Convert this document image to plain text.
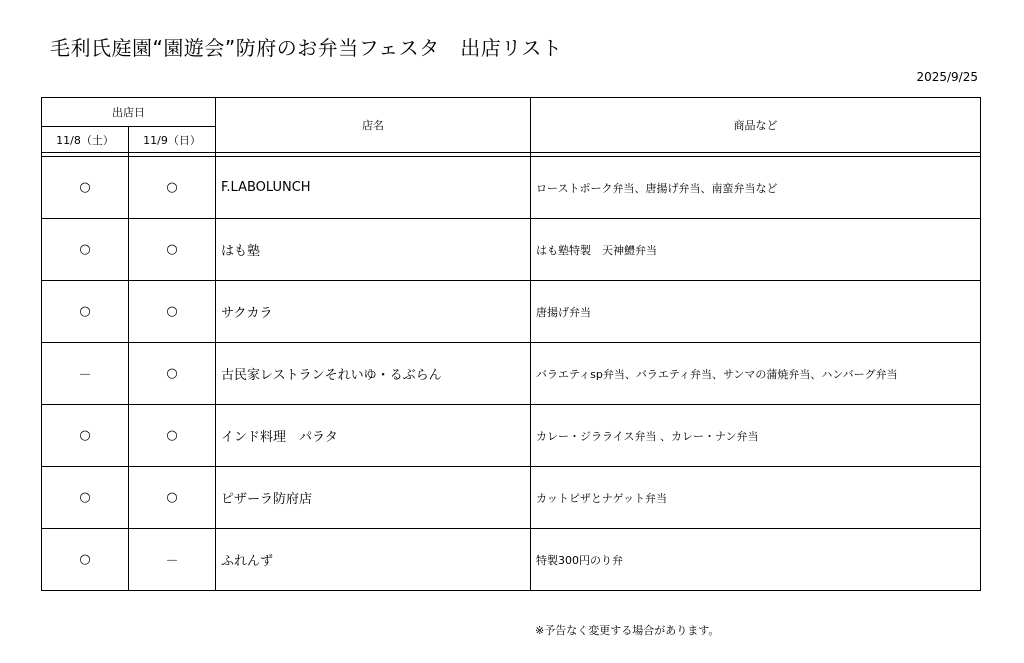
毛利氏庭園“園遊会”防府のお弁当フェスタ　出店リスト
2025/9/25
出店日		店名	商品など
11/8（土）	11/9（日）		

○	○	F.LABOLUNCH	ローストポーク弁当、唐揚げ弁当、南蛮弁当など
○	○	はも塾	はも塾特製　天神鱧弁当
○	○	サクカラ	唐揚げ弁当
－	○	古民家レストランそれいゆ・るぶらん	バラエティsp弁当、バラエティ弁当、サンマの蒲焼弁当、ハンバーグ弁当
○	○	インド料理　パラタ	カレー・ジラライス弁当 、カレー・ナン弁当
○	○	ピザーラ防府店	カットピザとナゲット弁当
○	－	ふれんず	特製300円のり弁
※予告なく変更する場合があります。
